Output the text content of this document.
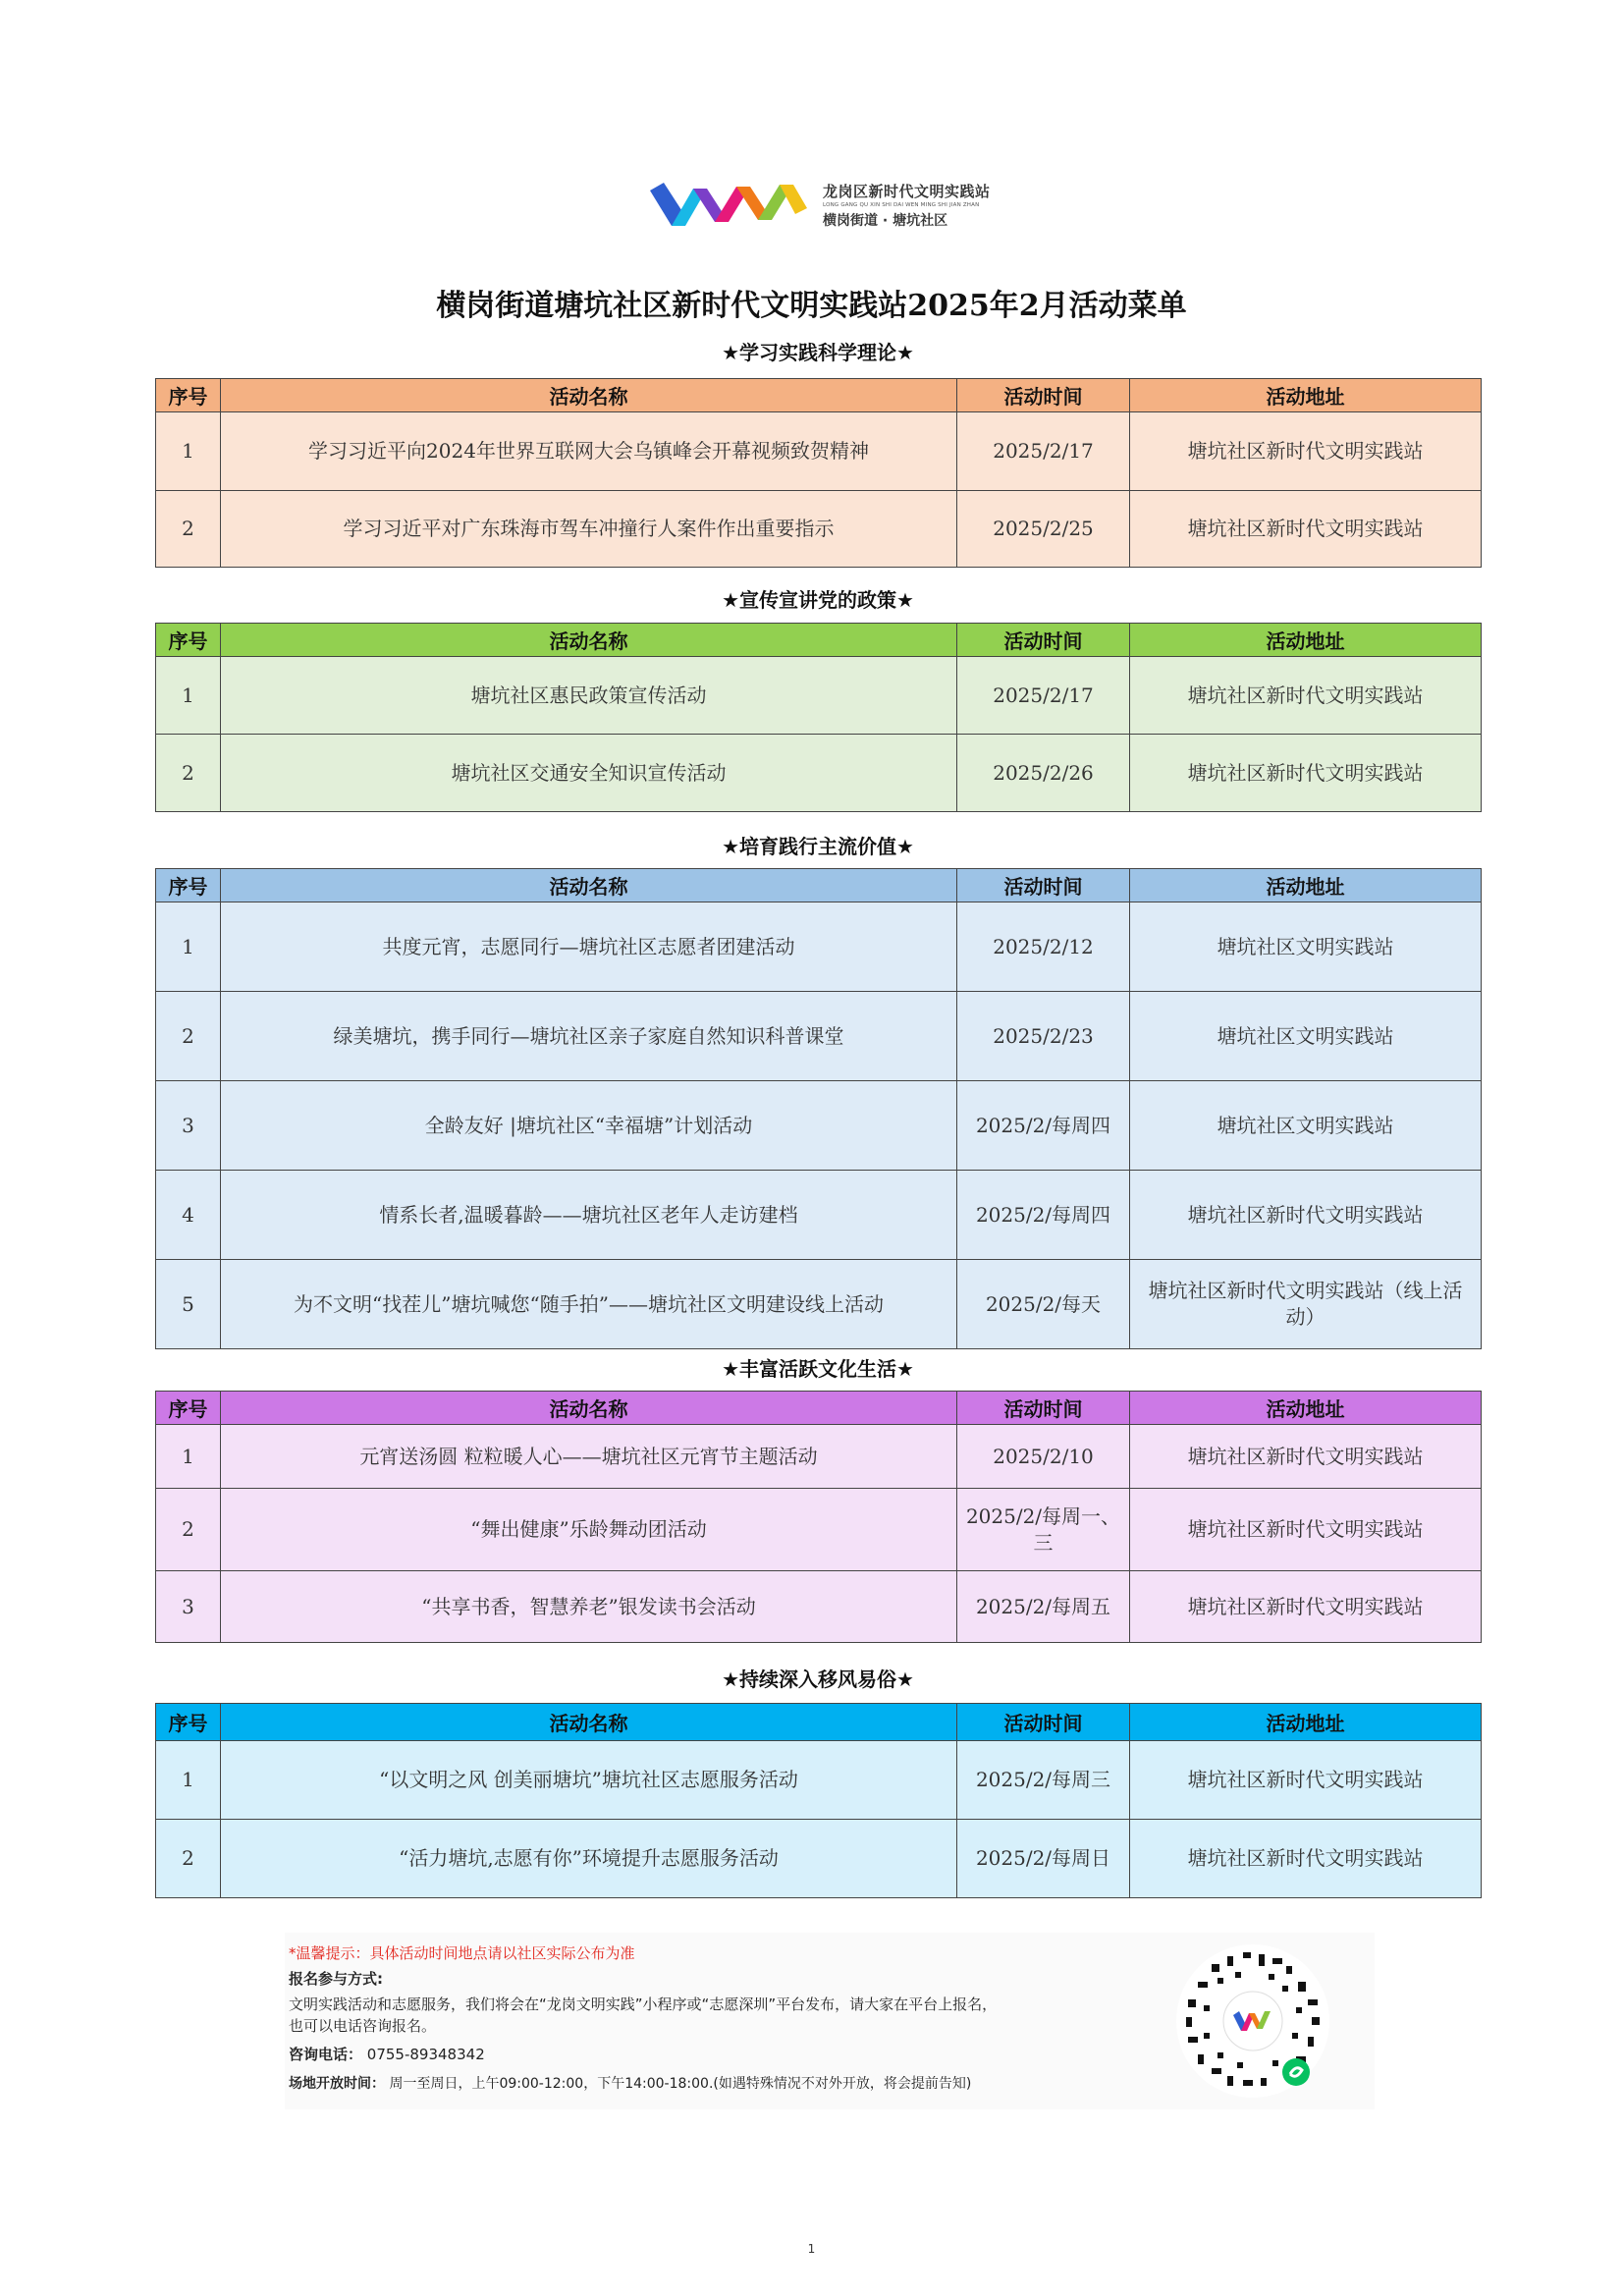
龙岗区新时代文明实践站
LONG GANG QU XIN SHI DAI WEN MING SHI JIAN ZHAN
横岗街道 · 塘坑社区
横岗街道塘坑社区新时代文明实践站2025年2月活动菜单
★学习实践科学理论★
序号	活动名称	活动时间	活动地址
1	学习习近平向2024年世界互联网大会乌镇峰会开幕视频致贺精神	2025/2/17	塘坑社区新时代文明实践站
2	学习习近平对广东珠海市驾车冲撞行人案件作出重要指示	2025/2/25	塘坑社区新时代文明实践站
★宣传宣讲党的政策★
序号	活动名称	活动时间	活动地址
1	塘坑社区惠民政策宣传活动	2025/2/17	塘坑社区新时代文明实践站
2	塘坑社区交通安全知识宣传活动	2025/2/26	塘坑社区新时代文明实践站
★培育践行主流价值★
序号	活动名称	活动时间	活动地址
1	共度元宵，志愿同行—塘坑社区志愿者团建活动	2025/2/12	塘坑社区文明实践站
2	绿美塘坑，携手同行—塘坑社区亲子家庭自然知识科普课堂	2025/2/23	塘坑社区文明实践站
3	全龄友好 |塘坑社区“幸福塘”计划活动	2025/2/每周四	塘坑社区文明实践站
4	情系长者,温暖暮龄——塘坑社区老年人走访建档	2025/2/每周四	塘坑社区新时代文明实践站
5	为不文明“找茬儿”塘坑喊您“随手拍”——塘坑社区文明建设线上活动	2025/2/每天	塘坑社区新时代文明实践站（线上活动）
★丰富活跃文化生活★
序号	活动名称	活动时间	活动地址
1	元宵送汤圆 粒粒暖人心——塘坑社区元宵节主题活动	2025/2/10	塘坑社区新时代文明实践站
2	“舞出健康”乐龄舞动团活动	2025/2/每周一、三	塘坑社区新时代文明实践站
3	“共享书香，智慧养老”银发读书会活动	2025/2/每周五	塘坑社区新时代文明实践站
★持续深入移风易俗★
序号	活动名称	活动时间	活动地址
1	“以文明之风 创美丽塘坑”塘坑社区志愿服务活动	2025/2/每周三	塘坑社区新时代文明实践站
2	“活力塘坑,志愿有你”环境提升志愿服务活动	2025/2/每周日	塘坑社区新时代文明实践站
*温馨提示：具体活动时间地点请以社区实际公布为准
报名参与方式:
文明实践活动和志愿服务，我们将会在“龙岗文明实践”小程序或“志愿深圳”平台发布，请大家在平台上报名，
也可以电话咨询报名。
咨询电话： 0755-89348342
场地开放时间： 周一至周日，上午09:00-12:00，下午14:00-18:00.(如遇特殊情况不对外开放，将会提前告知)
1
